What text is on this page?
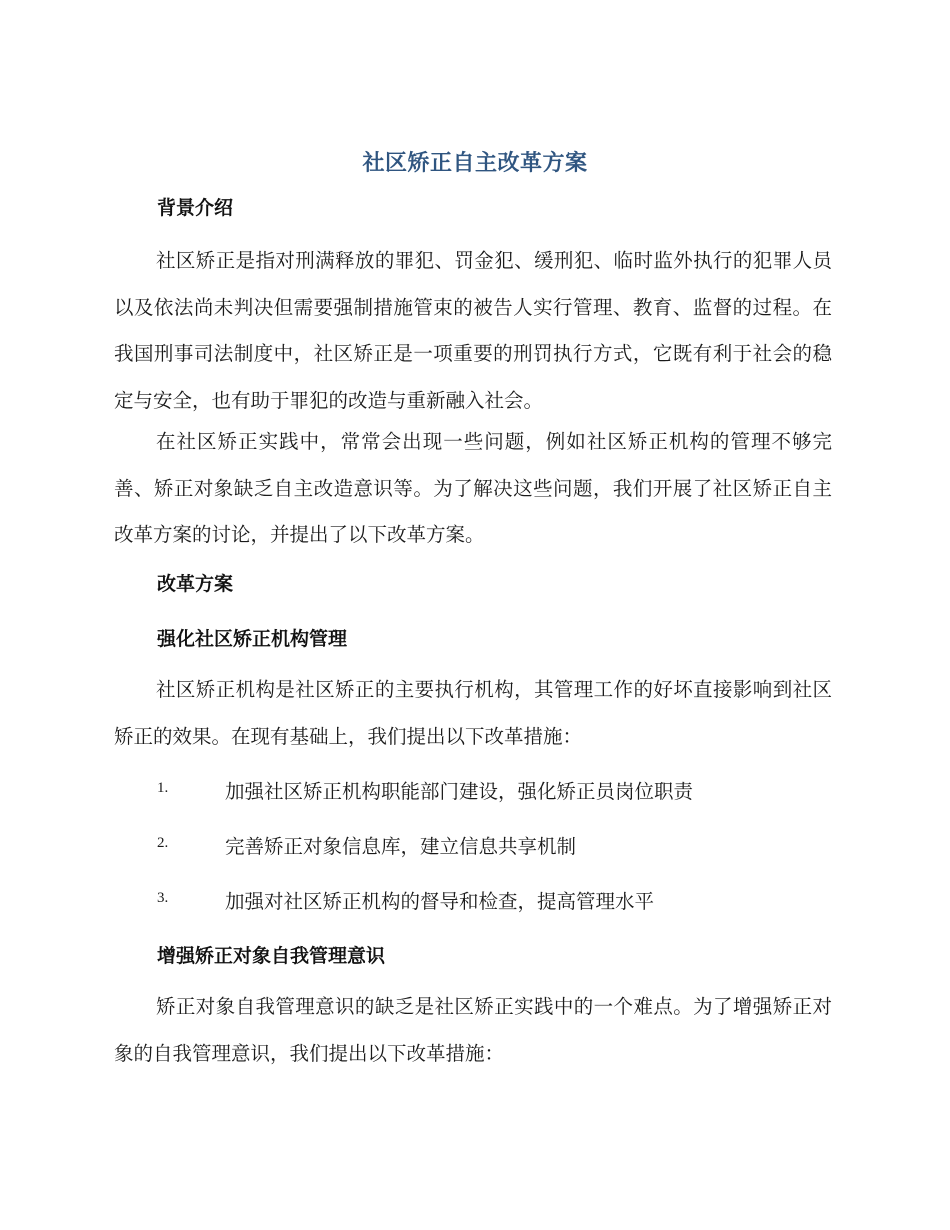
社区矫正自主改革方案
背景介绍
社区矫正是指对刑满释放的罪犯、罚金犯、缓刑犯、临时监外执行的犯罪人员以及依法尚未判决但需要强制措施管束的被告人实行管理、教育、监督的过程。在我国刑事司法制度中，社区矫正是一项重要的刑罚执行方式，它既有利于社会的稳定与安全，也有助于罪犯的改造与重新融入社会。
在社区矫正实践中，常常会出现一些问题，例如社区矫正机构的管理不够完善、矫正对象缺乏自主改造意识等。为了解决这些问题，我们开展了社区矫正自主改革方案的讨论，并提出了以下改革方案。
改革方案
强化社区矫正机构管理
社区矫正机构是社区矫正的主要执行机构，其管理工作的好坏直接影响到社区矫正的效果。在现有基础上，我们提出以下改革措施：
1.	加强社区矫正机构职能部门建设，强化矫正员岗位职责
2.	完善矫正对象信息库，建立信息共享机制
3.	加强对社区矫正机构的督导和检查，提高管理水平
增强矫正对象自我管理意识
矫正对象自我管理意识的缺乏是社区矫正实践中的一个难点。为了增强矫正对象的自我管理意识，我们提出以下改革措施：
